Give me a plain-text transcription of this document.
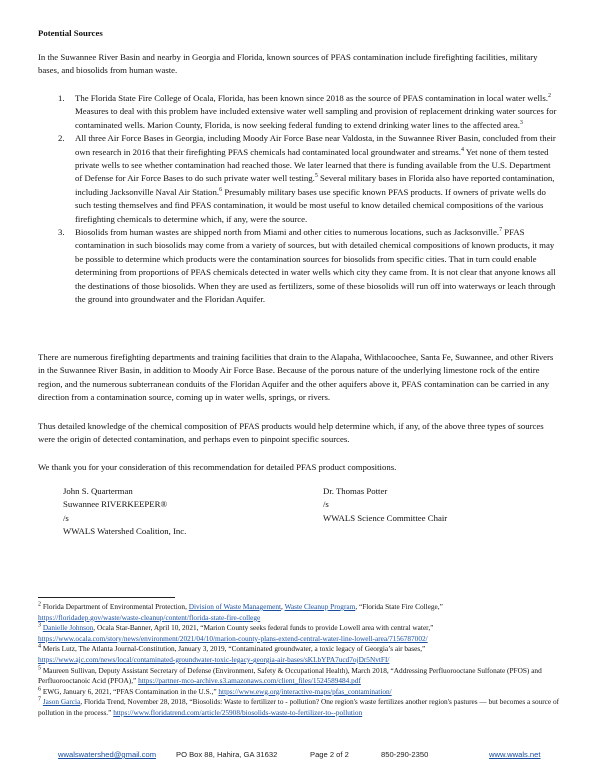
Potential Sources

In the Suwannee River Basin and nearby in Georgia and Florida, known sources of PFAS contamination include firefighting facilities, military bases, and biosolids from human waste.

1. The Florida State Fire College of Ocala, Florida, has been known since 2018 as the source of PFAS contamination in local water wells.$^2$ Measures to deal with this problem have included extensive water well sampling and provision of replacement drinking water sources for contaminated wells. Marion County, Florida, is now seeking federal funding to extend drinking water lines to the affected area.$^3$
2. All three Air Force Bases in Georgia, including Moody Air Force Base near Valdosta, in the Suwannee River Basin, concluded from their own research in 2016 that their firefighting PFAS chemicals had contaminated local groundwater and streams.$^4$ Yet none of them tested private wells to see whether contamination had reached those. We later learned that there is funding available from the U.S. Department of Defense for Air Force Bases to do such private water well testing.$^5$ Several military bases in Florida also have reported contamination, including Jacksonville Naval Air Station.$^6$ Presumably military bases use specific known PFAS products. If owners of private wells do such testing themselves and find PFAS contamination, it would be most useful to know detailed chemical compositions of the various firefighting chemicals to determine which, if any, were the source.
3. Biosolids from human wastes are shipped north from Miami and other cities to numerous locations, such as Jacksonville.$^7$ PFAS contamination in such biosolids may come from a variety of sources, but with detailed chemical compositions of known products, it may be possible to determine which products were the contamination sources for biosolids from specific cities. That in turn could enable determining from proportions of PFAS chemicals detected in water wells which city they came from. It is not clear that anyone knows all the destinations of those biosolids. When they are used as fertilizers, some of these biosolids will run off into waterways or leach through the ground into groundwater and the Floridan Aquifer.

There are numerous firefighting departments and training facilities that drain to the Alapaha, Withlacoochee, Santa Fe, Suwannee, and other Rivers in the Suwannee River Basin, in addition to Moody Air Force Base. Because of the porous nature of the underlying limestone rock of the entire region, and the numerous subterranean conduits of the Floridan Aquifer and the other aquifers above it, PFAS contamination can be carried in any direction from a contamination source, coming up in water wells, springs, or rivers.

Thus detailed knowledge of the chemical composition of PFAS products would help determine which, if any, of the above three types of sources were the origin of detected contamination, and perhaps even to pinpoint specific sources.

We thank you for your consideration of this recommendation for detailed PFAS product compositions.

John S. Quarterman
Suwannee RIVERKEEPER®
/s
WWALS Watershed Coalition, Inc.
Dr. Thomas Potter
/s
WWALS Science Committee Chair

$^2$ Florida Department of Environmental Protection, Division of Waste Management, Waste Cleanup Program, “Florida State Fire College,”
https://floridadep.gov/waste/waste-cleanup/content/florida-state-fire-college

$^3$ Danielle Johnson, Ocala Star-Banner, April 10, 2021, “Marion County seeks federal funds to provide Lowell area with central water,”
https://www.ocala.com/story/news/environment/2021/04/10/marion-county-plans-extend-central-water-line-lowell-area/7156787002/

$^4$ Meris Lutz, The Atlanta Journal-Constitution, January 3, 2019, “Contaminated groundwater, a toxic legacy of Georgia’s air bases,”
https://www.ajc.com/news/local/contaminated-groundwater-toxic-legacy-georgia-air-bases/sKLbYPA7ucd7ojDr5NvtFI/

$^5$ Maureen Sullivan, Deputy Assistant Secretary of Defense (Environment, Safety & Occupational Health), March 2018, “Addressing Perfluorooctane Sulfonate (PFOS) and Perfluorooctanoic Acid (PFOA),” https://partner-mco-archive.s3.amazonaws.com/client_files/1524589484.pdf

$^6$ EWG, January 6, 2021, “PFAS Contamination in the U.S.,” https://www.ewg.org/interactive-maps/pfas_contamination/

$^7$ Jason Garcia, Florida Trend, November 28, 2018, “Biosolids: Waste to fertilizer to - pollution? One region's waste fertilizes another region's pastures — but becomes a source of pollution in the process.” https://www.floridatrend.com/article/25908/biosolids-waste-to-fertilizer-to--pollution

wwalswatershed@gmail.com	PO Box 88, Hahira, GA 31632	Page 2 of 2	850-290-2350	www.wwals.net
